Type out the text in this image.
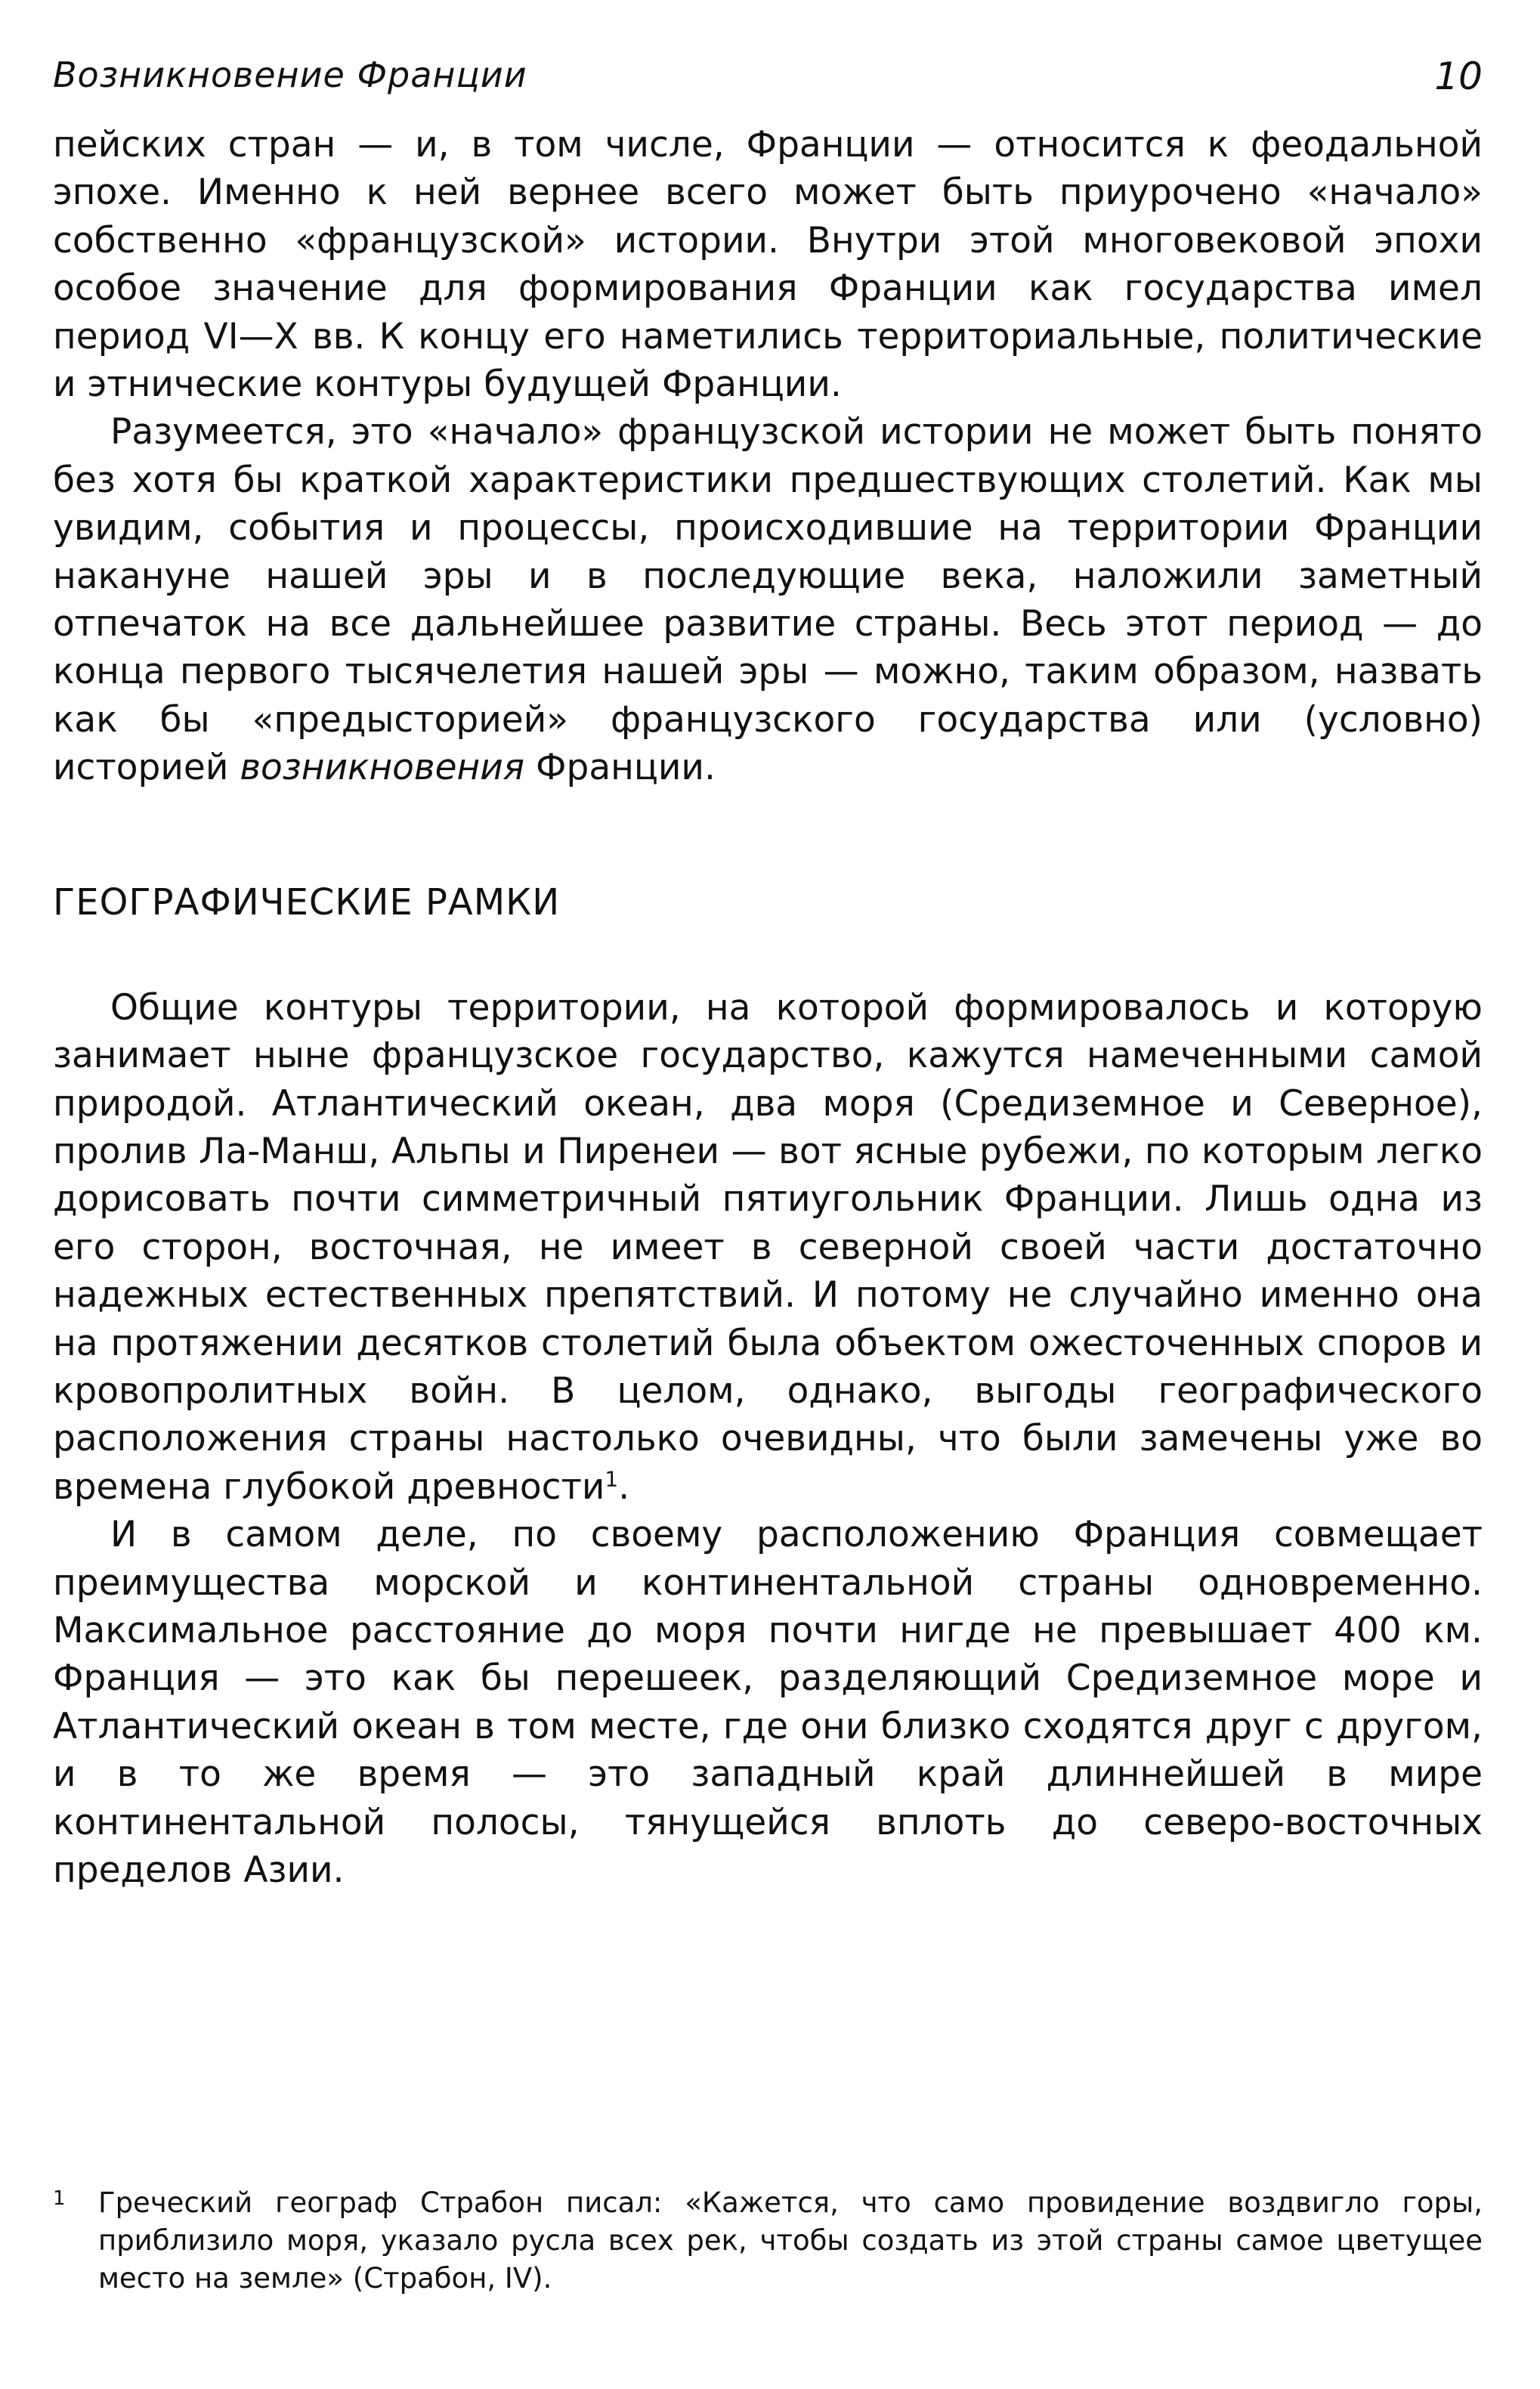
Возникновение Франции	10

пейских стран — и, в том числе, Франции — относится к феодальной эпохе. Именно к ней вернее всего может быть приурочено «начало» собственно «французской» истории. Внутри этой многовековой эпохи особое значение для формирования Франции как государства имел период VI—X вв. К концу его наметились территориальные, политические и этнические контуры будущей Франции.

Разумеется, это «начало» французской истории не может быть понято без хотя бы краткой характеристики предшествующих столетий. Как мы увидим, события и процессы, происходившие на территории Франции накануне нашей эры и в последующие века, наложили заметный отпечаток на все дальнейшее развитие страны. Весь этот период — до конца первого тысячелетия нашей эры — можно, таким образом, назвать как бы «предысторией» французского государства или (условно) историей возникновения Франции.

ГЕОГРАФИЧЕСКИЕ РАМКИ

Общие контуры территории, на которой формировалось и которую занимает ныне французское государство, кажутся намеченными самой природой. Атлантический океан, два моря (Средиземное и Северное), пролив Ла-Манш, Альпы и Пиренеи — вот ясные рубежи, по которым легко дорисовать почти симметричный пятиугольник Франции. Лишь одна из его сторон, восточная, не имеет в северной своей части достаточно надежных естественных препятствий. И потому не случайно именно она на протяжении десятков столетий была объектом ожесточенных споров и кровопролитных войн. В целом, однако, выгоды географического расположения страны настолько очевидны, что были замечены уже во времена глубокой древности$^1$.

И в самом деле, по своему расположению Франция совмещает преимущества морской и континентальной страны одновременно. Максимальное расстояние до моря почти нигде не превышает 400 км. Франция — это как бы перешеек, разделяющий Средиземное море и Атлантический океан в том месте, где они близко сходятся друг с другом, и в то же время — это западный край длиннейшей в мире континентальной полосы, тянущейся вплоть до северо-восточных пределов Азии.

1	Греческий географ Страбон писал: «Кажется, что само провидение воздвигло горы, приблизило моря, указало русла всех рек, чтобы создать из этой страны самое цветущее место на земле» (Страбон, IV).
